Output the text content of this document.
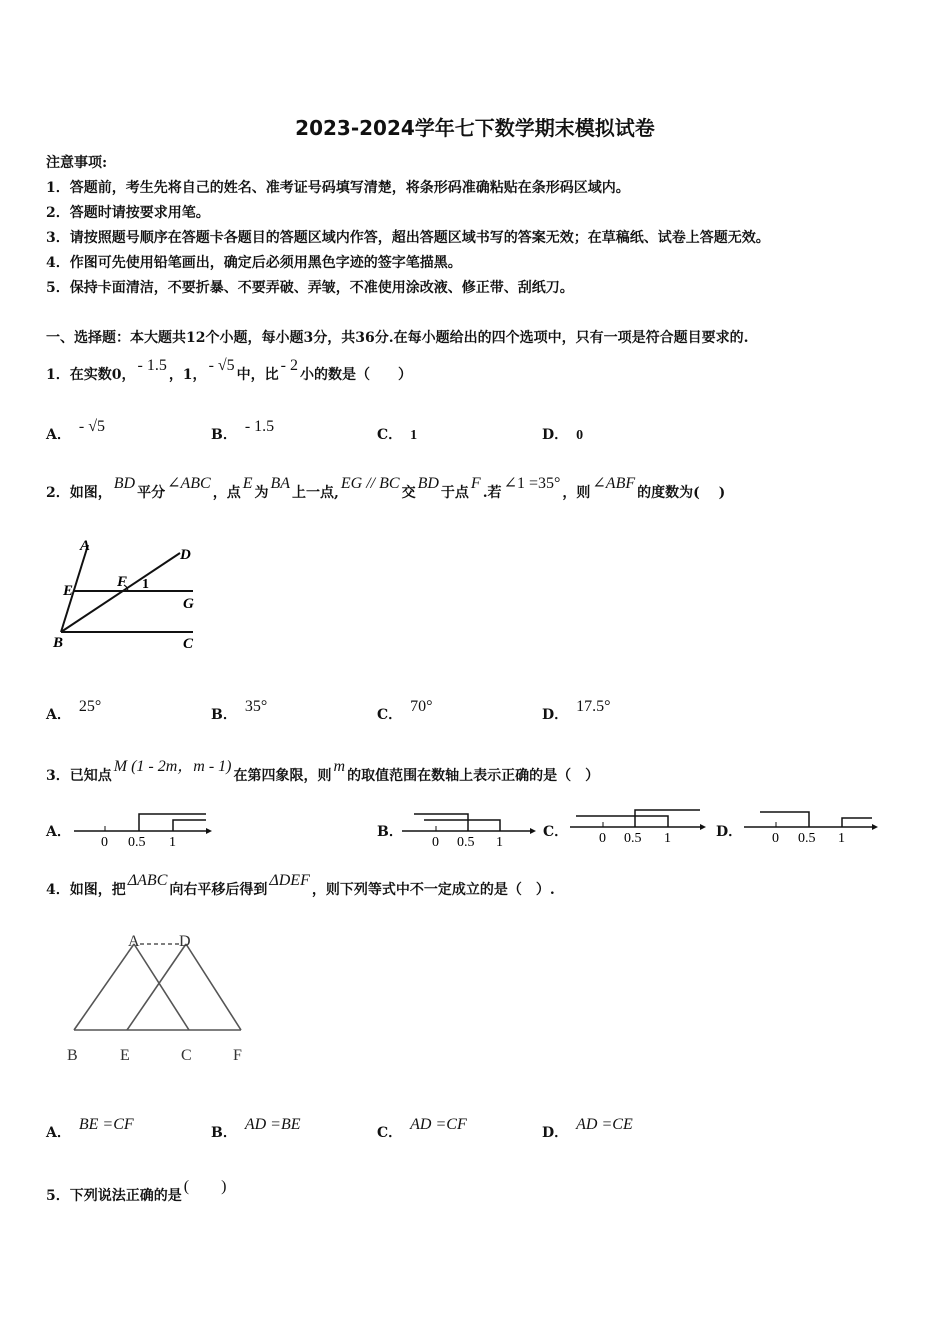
2023-2024学年七下数学期末模拟试卷
注意事项:
1．答题前，考生先将自己的姓名、准考证号码填写清楚，将条形码准确粘贴在条形码区域内。
2．答题时请按要求用笔。
3．请按照题号顺序在答题卡各题目的答题区域内作答，超出答题区域书写的答案无效；在草稿纸、试卷上答题无效。
4．作图可先使用铅笔画出，确定后必须用黑色字迹的签字笔描黑。
5．保持卡面清洁，不要折暴、不要弄破、弄皱，不准使用涂改液、修正带、刮纸刀。
一、选择题：本大题共12个小题，每小题3分，共36分.在每小题给出的四个选项中，只有一项是符合题目要求的.
1．在实数0，- 1.5，1，- √5中，比- 2小的数是（　　）
A． - √5	B． - 1.5	C． 1	D． 0
2．如图，BD平分∠ABC，点E为BA上一点,EG // BC交BD于点F.若∠1 =35°，则∠ABF的度数为(　 )
A
D
E
F 1
G
B	C
A． 25°	B． 35°	C． 70°	D． 17.5°
3．已知点M (1 - 2m，m - 1)在第四象限，则m的取值范围在数轴上表示正确的是（　）
A．
0 0.5 1
B．
0 0.5 1
C． 0 0.5 1	D． 0 0.5 1
4．如图，把ΔABC向右平移后得到ΔDEF，则下列等式中不一定成立的是（　）.
A D
B	E	C	F
A． BE =CF	B． AD =BE	C． AD =CF	D． AD =CE
5．下列说法正确的是(　　)
